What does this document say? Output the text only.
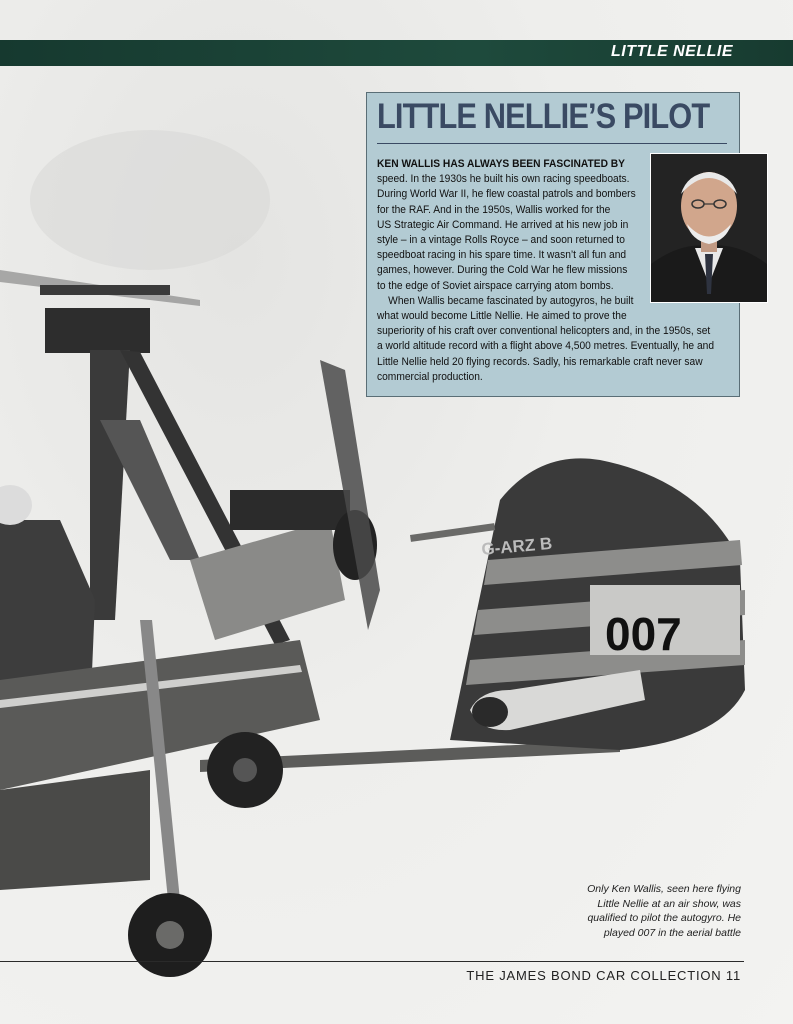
007
G-ARZ B
LITTLE NELLIE
LITTLE NELLIE’S PILOT

KEN WALLIS HAS ALWAYS BEEN FASCINATED BY
speed. In the 1930s he built his own racing speedboats.
During World War II, he flew coastal patrols and bombers
for the RAF. And in the 1950s, Wallis worked for the
US Strategic Air Command. He arrived at his new job in
style – in a vintage Rolls Royce – and soon returned to
speedboat racing in his spare time. It wasn’t all fun and
games, however. During the Cold War he flew missions
to the edge of Soviet airspace carrying atom bombs.

When Wallis became fascinated by autogyros, he built
what would become Little Nellie. He aimed to prove the
superiority of his craft over conventional helicopters and, in the 1950s, set
a world altitude record with a flight above 4,500 metres. Eventually, he and
Little Nellie held 20 flying records. Sadly, his remarkable craft never saw
commercial production.

Only Ken Wallis, seen here flying
Little Nellie at an air show, was
qualified to pilot the autogyro. He
played 007 in the aerial battle
THE JAMES BOND CAR COLLECTION 11
